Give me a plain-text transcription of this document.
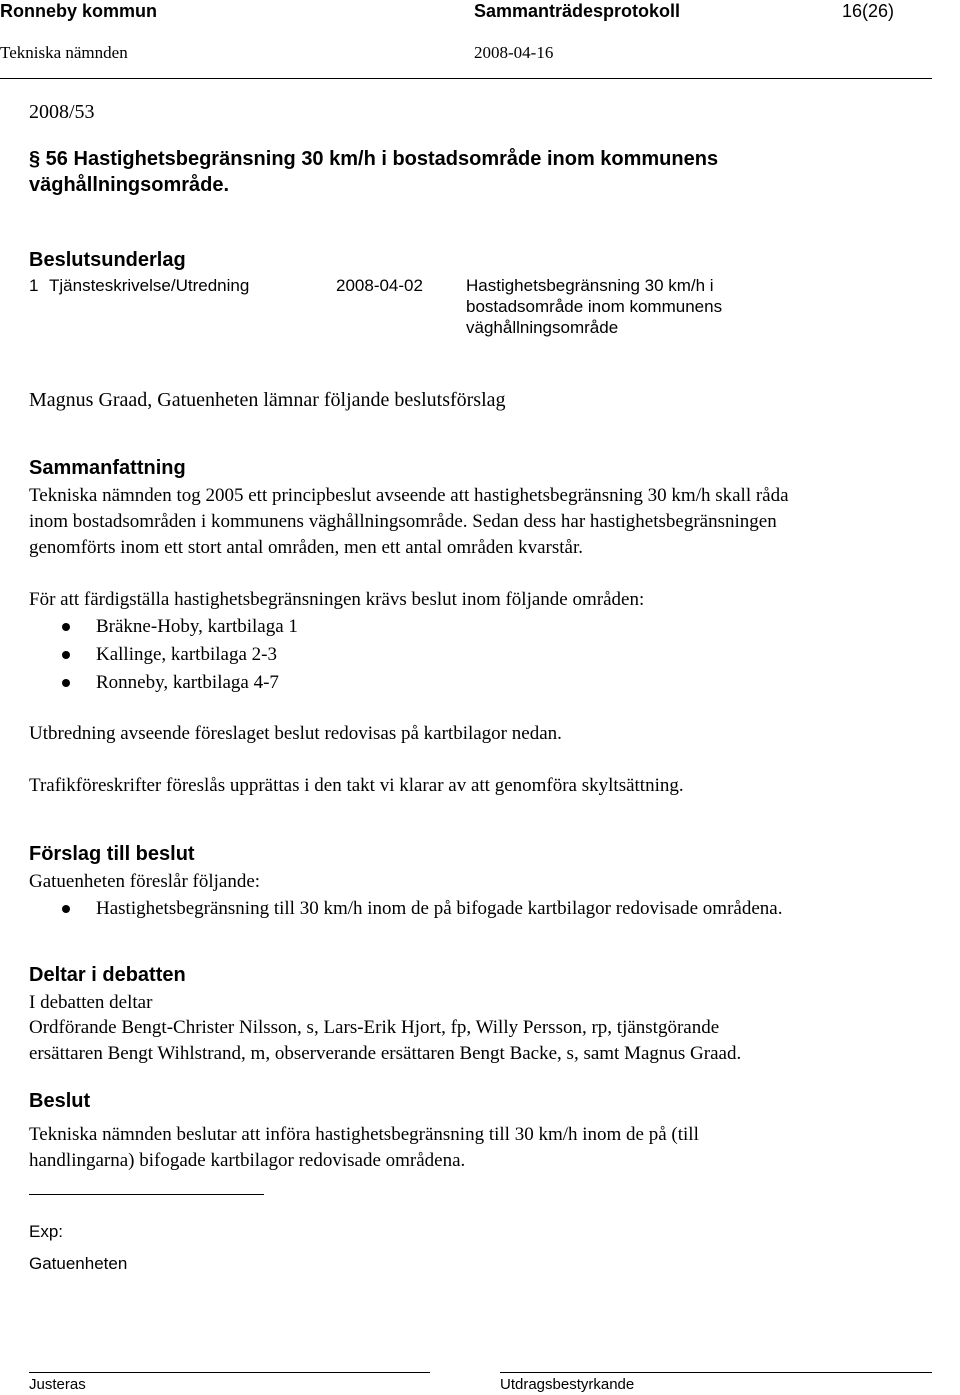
Ronneby kommun	Sammanträdesprotokoll	16(26)
Tekniska nämnden	2008-04-16
2008/53
§ 56 Hastighetsbegränsning 30 km/h i bostadsområde inom kommunens
väghållningsområde.
Beslutsunderlag
1 Tjänsteskrivelse/Utredning	2008-04-02	Hastighetsbegränsning 30 km/h i
bostadsområde inom kommunens
väghållningsområde
Magnus Graad, Gatuenheten lämnar följande beslutsförslag
Sammanfattning
Tekniska nämnden tog 2005 ett principbeslut avseende att hastighetsbegränsning 30 km/h skall råda
inom bostadsområden i kommunens väghållningsområde. Sedan dess har hastighetsbegränsningen
genomförts inom ett stort antal områden, men ett antal områden kvarstår.
För att färdigställa hastighetsbegränsningen krävs beslut inom följande områden:
Bräkne-Hoby, kartbilaga 1
Kallinge, kartbilaga 2-3
Ronneby, kartbilaga 4-7
Utbredning avseende föreslaget beslut redovisas på kartbilagor nedan.
Trafikföreskrifter föreslås upprättas i den takt vi klarar av att genomföra skyltsättning.
Förslag till beslut
Gatuenheten föreslår följande:
Hastighetsbegränsning till 30 km/h inom de på bifogade kartbilagor redovisade områdena.
Deltar i debatten
I debatten deltar
Ordförande Bengt-Christer Nilsson, s, Lars-Erik Hjort, fp, Willy Persson, rp, tjänstgörande
ersättaren Bengt Wihlstrand, m, observerande ersättaren Bengt Backe, s, samt Magnus Graad.
Beslut
Tekniska nämnden beslutar att införa hastighetsbegränsning till 30 km/h inom de på (till
handlingarna) bifogade kartbilagor redovisade områdena.
Exp:
Gatuenheten
Justeras	Utdragsbestyrkande
